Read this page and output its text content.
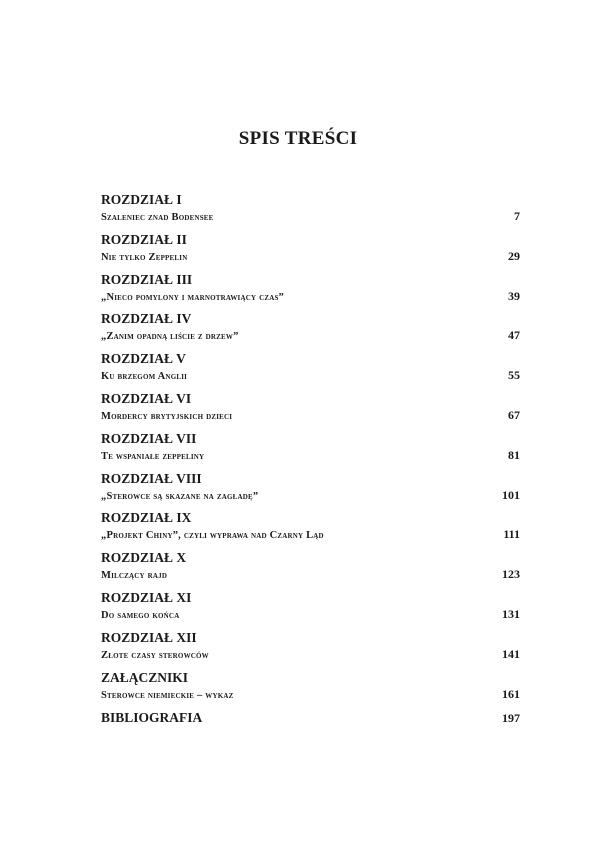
SPIS TREŚCI
ROZDZIAŁ I
Szaleniec znad Bodensee	7
ROZDZIAŁ II
Nie tylko Zeppelin	29
ROZDZIAŁ III
„Nieco pomylony i marnotrawiący czas”	39
ROZDZIAŁ IV
„Zanim opadną liście z drzew”	47
ROZDZIAŁ V
Ku brzegom Anglii	55
ROZDZIAŁ VI
Mordercy brytyjskich dzieci	67
ROZDZIAŁ VII
Te wspaniałe zeppeliny	81
ROZDZIAŁ VIII
„Sterowce są skazane na zagładę”	101
ROZDZIAŁ IX
„Projekt Chiny”, czyli wyprawa nad Czarny Ląd	111
ROZDZIAŁ X
Milczący rajd	123
ROZDZIAŁ XI
Do samego końca	131
ROZDZIAŁ XII
Złote czasy sterowców	141
ZAŁĄCZNIKI
Sterowce niemieckie – wykaz	161
BIBLIOGRAFIA	197
